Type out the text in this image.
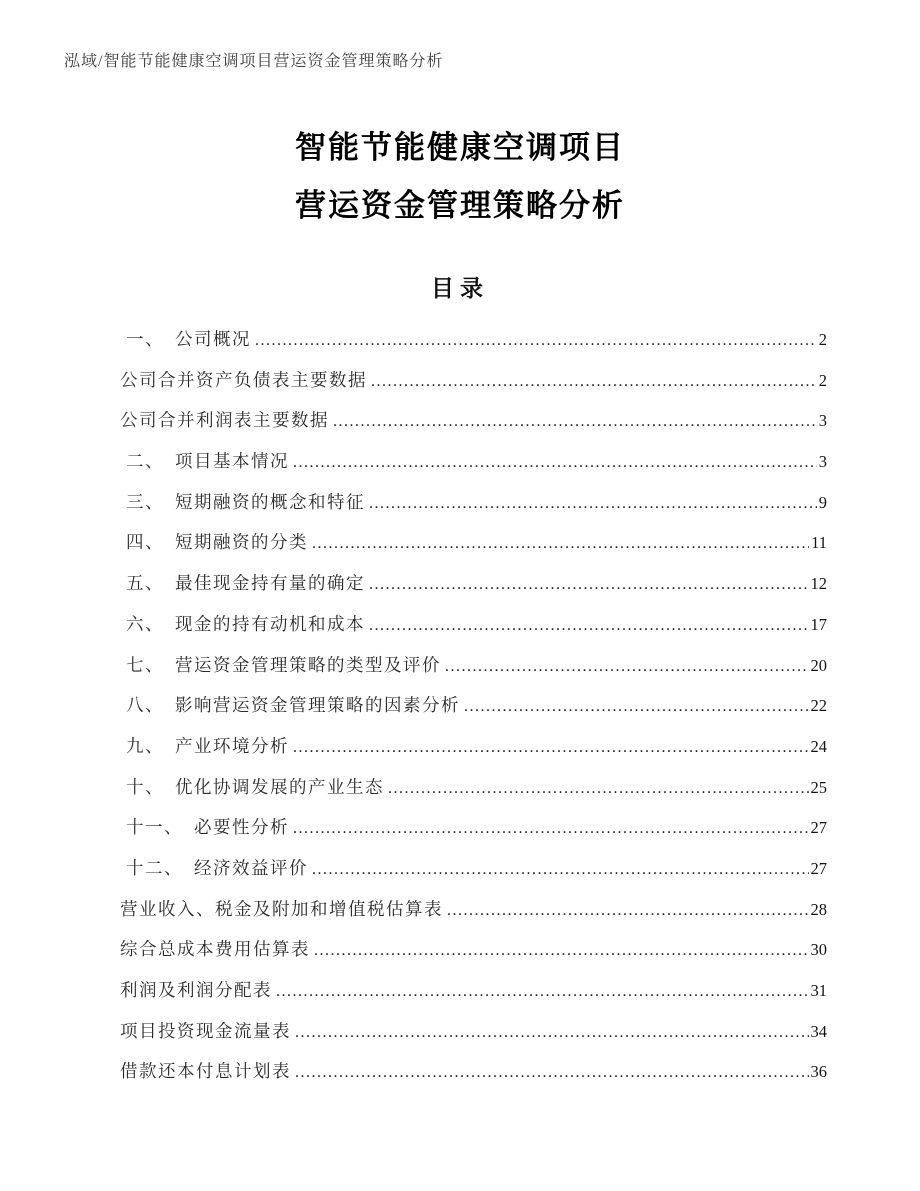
泓域/智能节能健康空调项目营运资金管理策略分析
智能节能健康空调项目
营运资金管理策略分析
目录
一、 公司概况 .....	2
公司合并资产负债表主要数据 .....	2
公司合并利润表主要数据 .....	3
二、 项目基本情况 .....	3
三、 短期融资的概念和特征 .....	9
四、 短期融资的分类 .....	11
五、 最佳现金持有量的确定 .....	12
六、 现金的持有动机和成本 .....	17
七、 营运资金管理策略的类型及评价 .....	20
八、 影响营运资金管理策略的因素分析 .....	22
九、 产业环境分析 .....	24
十、 优化协调发展的产业生态 .....	25
十一、 必要性分析 .....	27
十二、 经济效益评价 .....	27
营业收入、税金及附加和增值税估算表 .....	28
综合总成本费用估算表 .....	30
利润及利润分配表 .....	31
项目投资现金流量表 .....	34
借款还本付息计划表 .....	36
